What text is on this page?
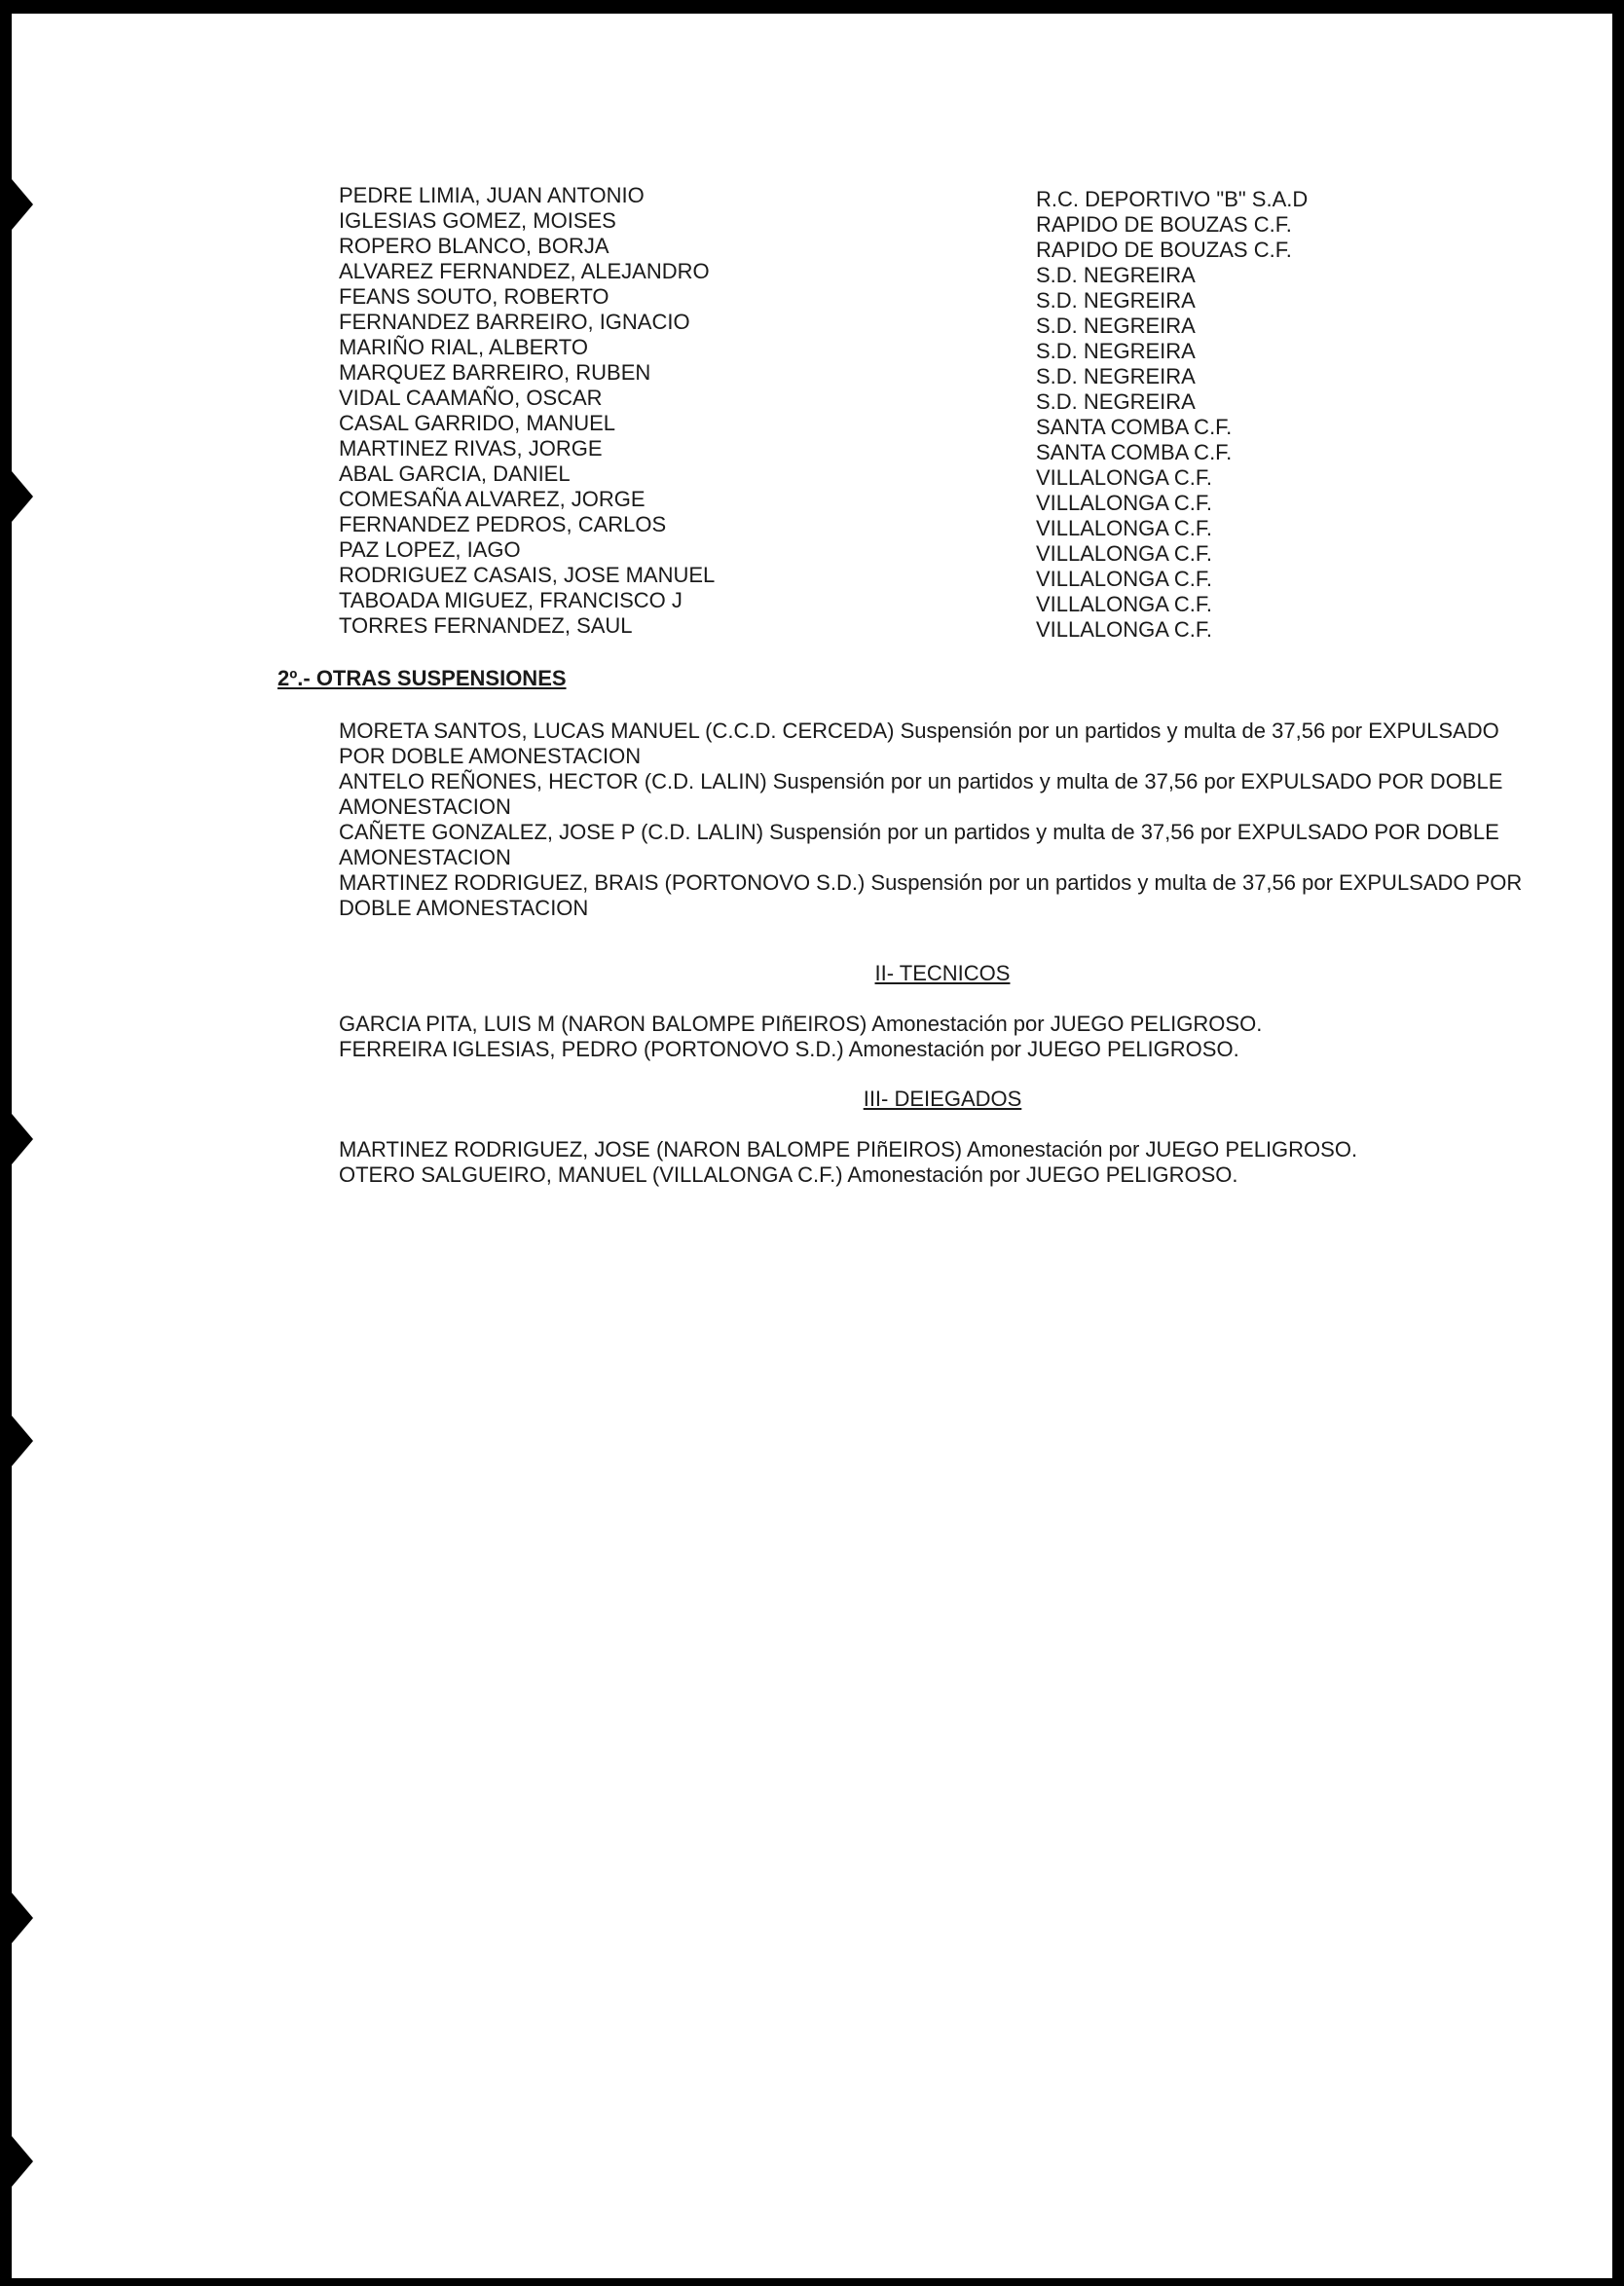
PEDRE LIMIA, JUAN ANTONIO	R.C. DEPORTIVO "B" S.A.D
IGLESIAS GOMEZ, MOISES	RAPIDO DE BOUZAS C.F.
ROPERO BLANCO, BORJA	RAPIDO DE BOUZAS C.F.
ALVAREZ FERNANDEZ, ALEJANDRO	S.D. NEGREIRA
FEANS SOUTO, ROBERTO	S.D. NEGREIRA
FERNANDEZ BARREIRO, IGNACIO	S.D. NEGREIRA
MARIÑO RIAL, ALBERTO	S.D. NEGREIRA
MARQUEZ BARREIRO, RUBEN	S.D. NEGREIRA
VIDAL CAAMAÑO, OSCAR	S.D. NEGREIRA
CASAL GARRIDO, MANUEL	SANTA COMBA C.F.
MARTINEZ RIVAS, JORGE	SANTA COMBA C.F.
ABAL GARCIA, DANIEL	VILLALONGA C.F.
COMESAÑA ALVAREZ, JORGE	VILLALONGA C.F.
FERNANDEZ PEDROS, CARLOS	VILLALONGA C.F.
PAZ LOPEZ, IAGO	VILLALONGA C.F.
RODRIGUEZ CASAIS, JOSE MANUEL	VILLALONGA C.F.
TABOADA MIGUEZ, FRANCISCO J	VILLALONGA C.F.
TORRES FERNANDEZ, SAUL	VILLALONGA C.F.
2º.- OTRAS SUSPENSIONES

MORETA SANTOS, LUCAS MANUEL (C.C.D. CERCEDA) Suspensión por un partidos y multa de 37,56 por EXPULSADO POR DOBLE AMONESTACION

ANTELO REÑONES, HECTOR (C.D. LALIN) Suspensión por un partidos y multa de 37,56 por EXPULSADO POR DOBLE AMONESTACION

CAÑETE GONZALEZ, JOSE P (C.D. LALIN) Suspensión por un partidos y multa de 37,56 por EXPULSADO POR DOBLE AMONESTACION

MARTINEZ RODRIGUEZ, BRAIS (PORTONOVO S.D.) Suspensión por un partidos y multa de 37,56 por EXPULSADO POR DOBLE AMONESTACION

II- TECNICOS
GARCIA PITA, LUIS M (NARON BALOMPE PIñEIROS) Amonestación por JUEGO PELIGROSO.
FERREIRA IGLESIAS, PEDRO (PORTONOVO S.D.) Amonestación por JUEGO PELIGROSO.
III- DEIEGADOS
MARTINEZ RODRIGUEZ, JOSE (NARON BALOMPE PIñEIROS) Amonestación por JUEGO PELIGROSO.
OTERO SALGUEIRO, MANUEL (VILLALONGA C.F.) Amonestación por JUEGO PELIGROSO.
